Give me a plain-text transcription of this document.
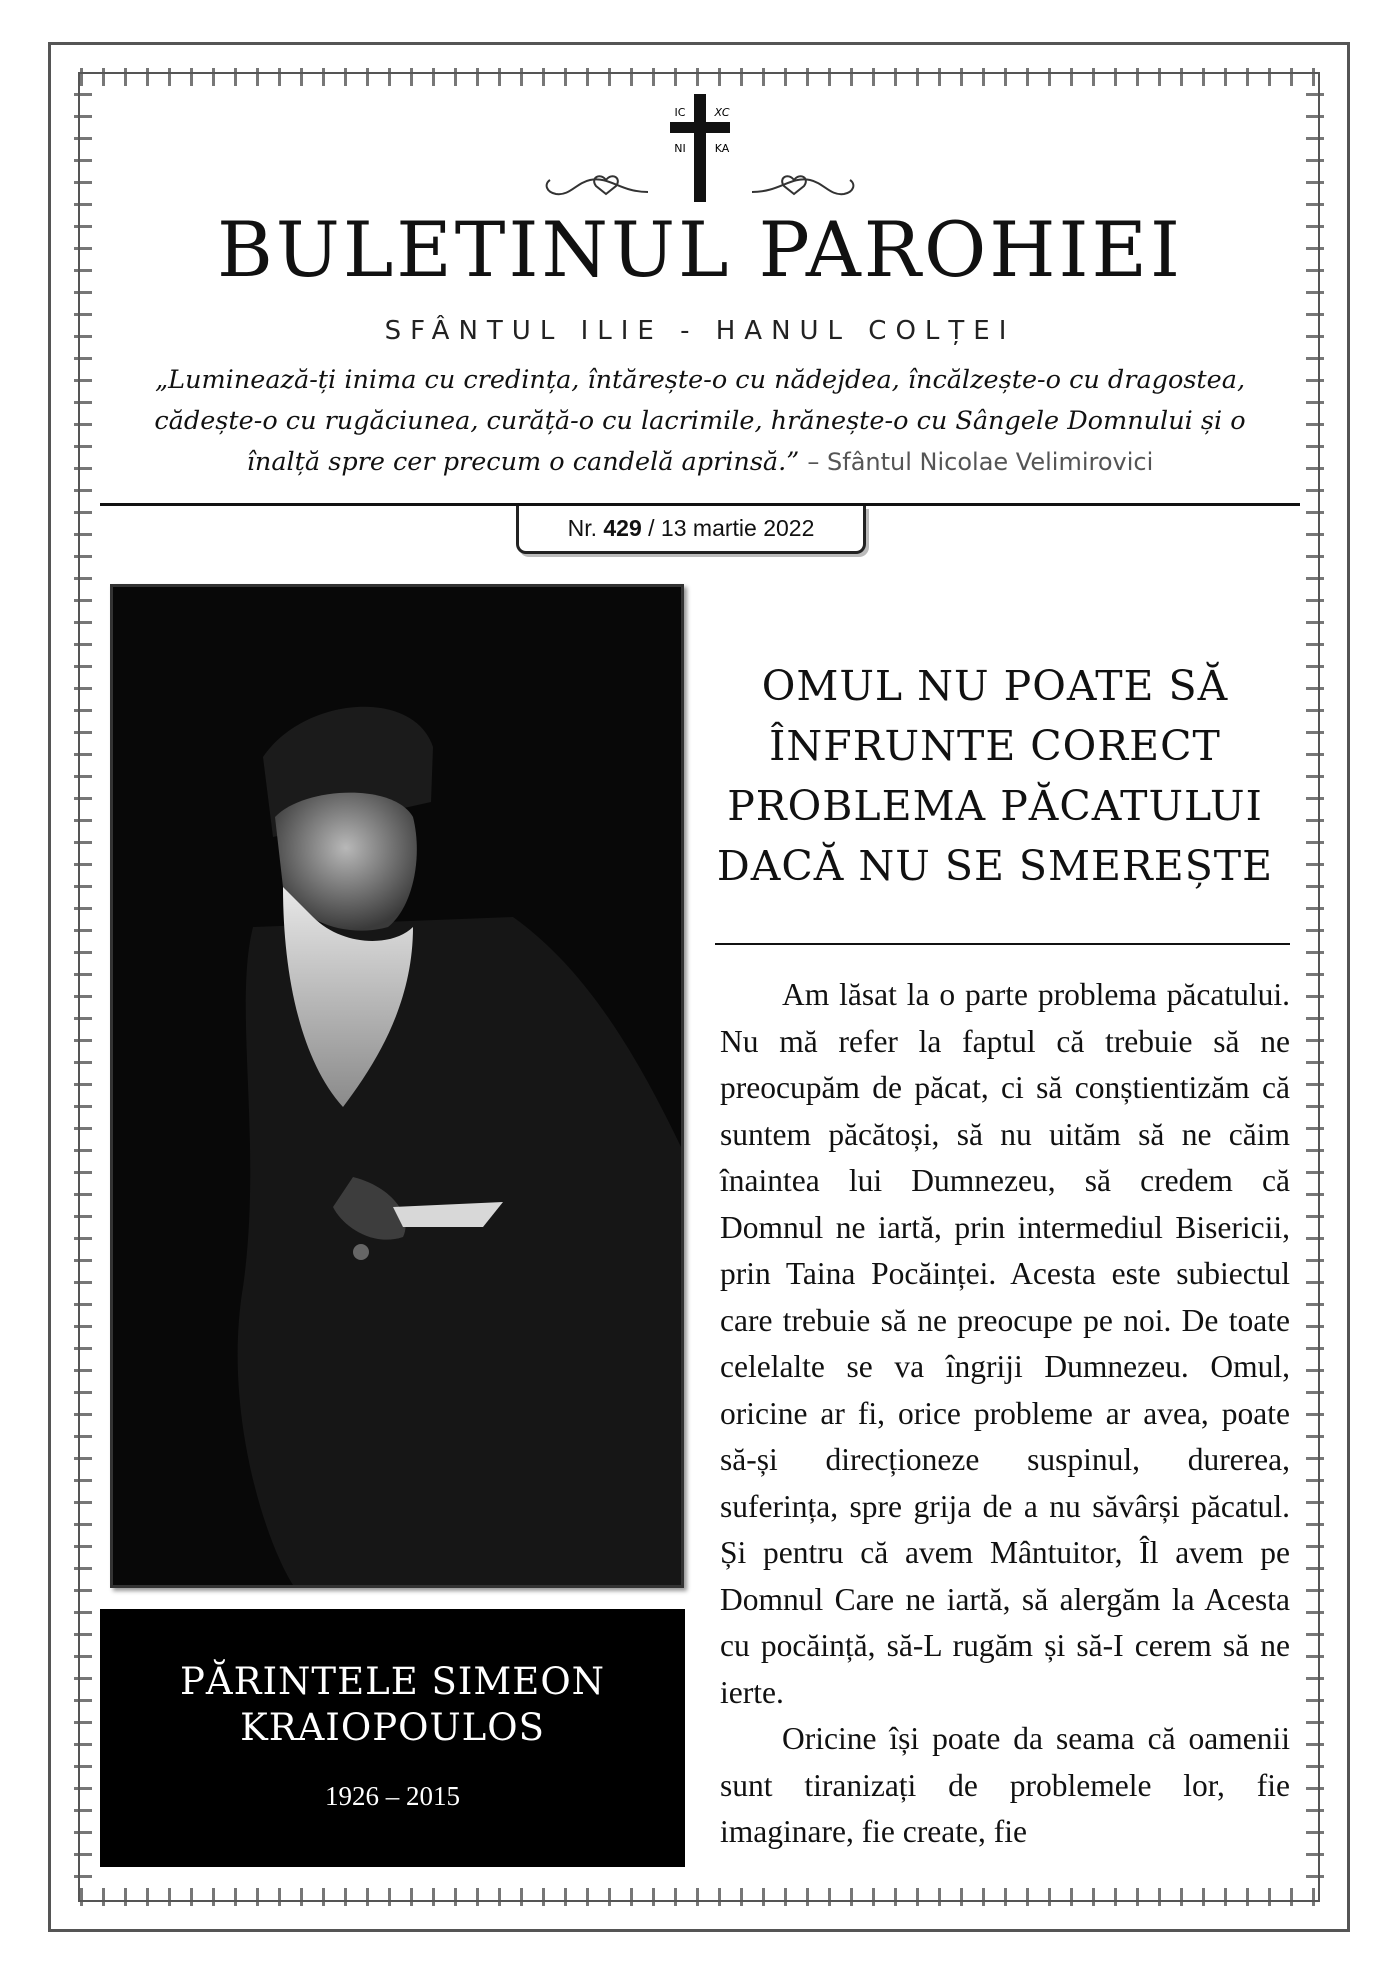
IC	XC
NI	KA
BULETINUL PAROHIEI
SFÂNTUL ILIE - HANUL COLȚEI
„Luminează-ți inima cu credința, întărește-o cu nădejdea, încălzește-o cu dragostea,
cădește-o cu rugăciunea, curăță-o cu lacrimile, hrănește-o cu Sângele Domnului și o
înalță spre cer precum o candelă aprinsă.” – Sfântul Nicolae Velimirovici
Nr. 429 / 13 martie 2022
PĂRINTELE SIMEON
KRAIOPOULOS
1926 – 2015
OMUL NU POATE SĂ
ÎNFRUNTE CORECT
PROBLEMA PĂCATULUI
DACĂ NU SE SMEREȘTE

Am lăsat la o parte problema păcatului. Nu mă refer la faptul că trebuie să ne preocupăm de păcat, ci să conștientizăm că suntem păcătoși, să nu uităm să ne căim înaintea lui Dumnezeu, să credem că Domnul ne iartă, prin intermediul Bisericii, prin Taina Pocăinței. Acesta este subiectul care trebuie să ne preocupe pe noi. De toate celelalte se va îngriji Dumnezeu. Omul, oricine ar fi, orice probleme ar avea, poate să-și direcționeze suspinul, durerea, suferința, spre grija de a nu săvârși păcatul. Și pentru că avem Mântuitor, Îl avem pe Domnul Care ne iartă, să alergăm la Acesta cu pocăință, să-L rugăm și să-I cerem să ne ierte.

Oricine își poate da seama că oamenii sunt tiranizați de problemele lor, fie imaginare, fie create, fie
